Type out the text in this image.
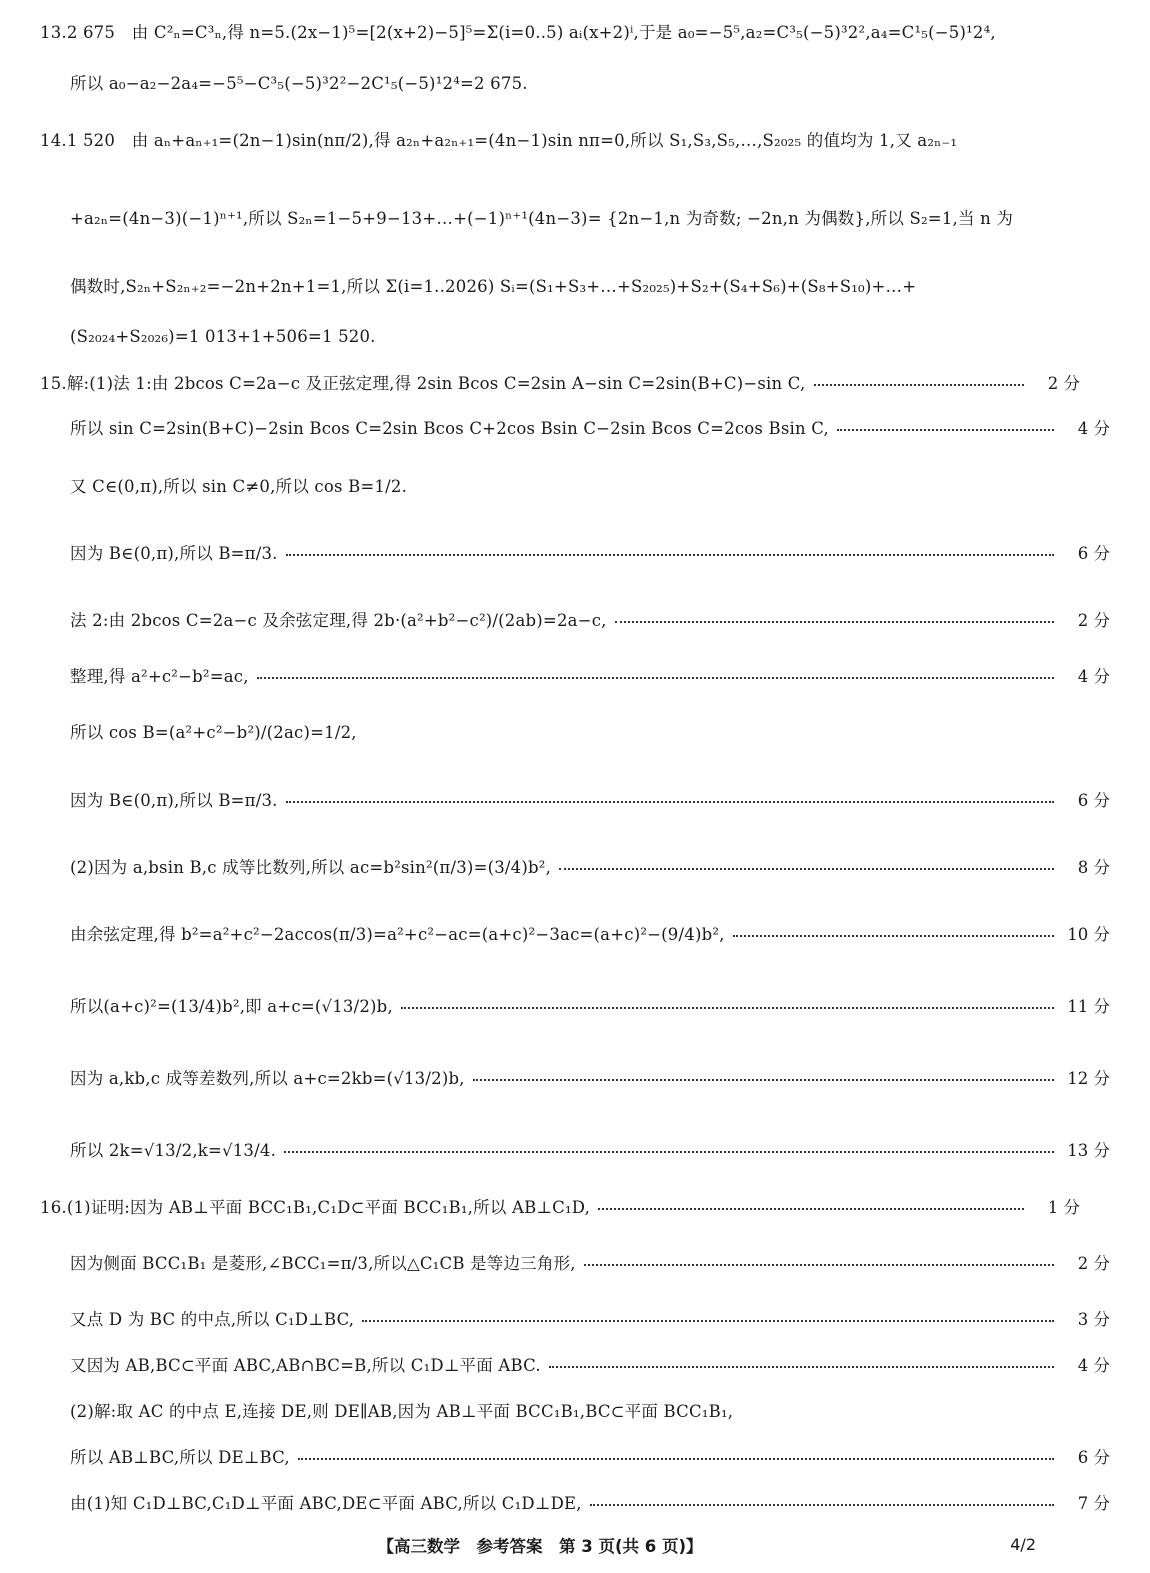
13.2 675　由 C²ₙ=C³ₙ,得 n=5.(2x−1)⁵=[2(x+2)−5]⁵=Σ(i=0..5) aᵢ(x+2)ⁱ,于是 a₀=−5⁵,a₂=C³₅(−5)³2²,a₄=C¹₅(−5)¹2⁴,
所以 a₀−a₂−2a₄=−5⁵−C³₅(−5)³2²−2C¹₅(−5)¹2⁴=2 675.
14.1 520　由 aₙ+aₙ₊₁=(2n−1)sin(nπ/2),得 a₂ₙ+a₂ₙ₊₁=(4n−1)sin nπ=0,所以 S₁,S₃,S₅,…,S₂₀₂₅ 的值均为 1,又 a₂ₙ₋₁
+a₂ₙ=(4n−3)(−1)ⁿ⁺¹,所以 S₂ₙ=1−5+9−13+…+(−1)ⁿ⁺¹(4n−3)= {2n−1,n 为奇数; −2n,n 为偶数},所以 S₂=1,当 n 为
偶数时,S₂ₙ+S₂ₙ₊₂=−2n+2n+1=1,所以 Σ(i=1..2026) Sᵢ=(S₁+S₃+…+S₂₀₂₅)+S₂+(S₄+S₆)+(S₈+S₁₀)+…+
(S₂₀₂₄+S₂₀₂₆)=1 013+1+506=1 520.
15.解:(1)法 1:由 2bcos C=2a−c 及正弦定理,得 2sin Bcos C=2sin A−sin C=2sin(B+C)−sin C,	2 分
所以 sin C=2sin(B+C)−2sin Bcos C=2sin Bcos C+2cos Bsin C−2sin Bcos C=2cos Bsin C,	4 分
又 C∈(0,π),所以 sin C≠0,所以 cos B=1/2.
因为 B∈(0,π),所以 B=π/3.	6 分
法 2:由 2bcos C=2a−c 及余弦定理,得 2b·(a²+b²−c²)/(2ab)=2a−c,	2 分
整理,得 a²+c²−b²=ac,	4 分
所以 cos B=(a²+c²−b²)/(2ac)=1/2,
因为 B∈(0,π),所以 B=π/3.	6 分
(2)因为 a,bsin B,c 成等比数列,所以 ac=b²sin²(π/3)=(3/4)b²,	8 分
由余弦定理,得 b²=a²+c²−2accos(π/3)=a²+c²−ac=(a+c)²−3ac=(a+c)²−(9/4)b²,	10 分
所以(a+c)²=(13/4)b²,即 a+c=(√13/2)b,	11 分
因为 a,kb,c 成等差数列,所以 a+c=2kb=(√13/2)b,	12 分
所以 2k=√13/2,k=√13/4.	13 分
16.(1)证明:因为 AB⊥平面 BCC₁B₁,C₁D⊂平面 BCC₁B₁,所以 AB⊥C₁D,	1 分
因为侧面 BCC₁B₁ 是菱形,∠BCC₁=π/3,所以△C₁CB 是等边三角形,	2 分
又点 D 为 BC 的中点,所以 C₁D⊥BC,	3 分
又因为 AB,BC⊂平面 ABC,AB∩BC=B,所以 C₁D⊥平面 ABC.	4 分
(2)解:取 AC 的中点 E,连接 DE,则 DE∥AB,因为 AB⊥平面 BCC₁B₁,BC⊂平面 BCC₁B₁,
所以 AB⊥BC,所以 DE⊥BC,	6 分
由(1)知 C₁D⊥BC,C₁D⊥平面 ABC,DE⊂平面 ABC,所以 C₁D⊥DE,	7 分
【高三数学　参考答案　第 3 页(共 6 页)】	4/2
